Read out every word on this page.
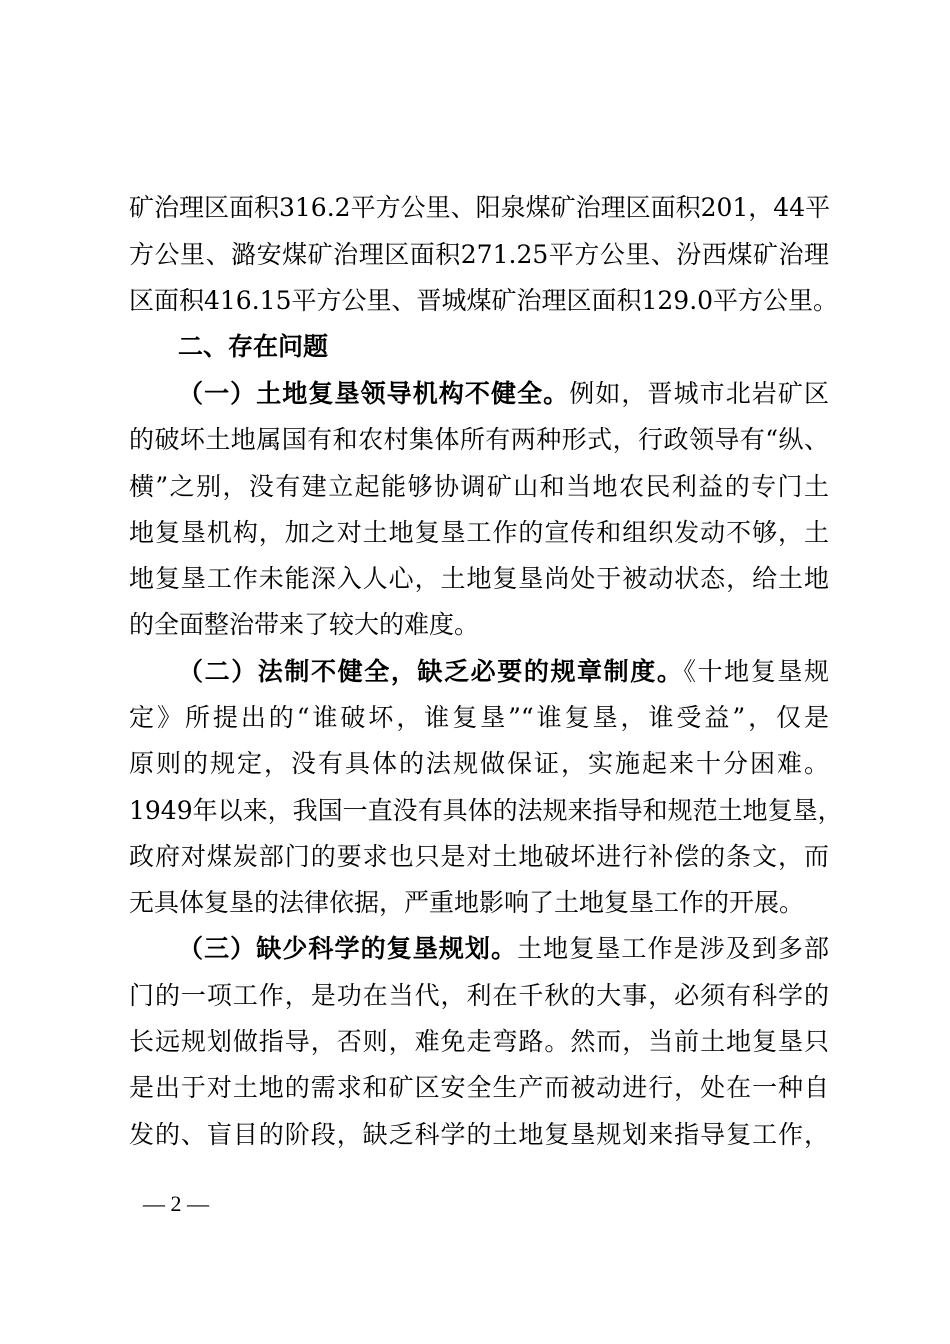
矿治理区面积316.2平方公里、阳泉煤矿治理区面积201，44平
方公里、潞安煤矿治理区面积271.25平方公里、汾西煤矿治理
区面积416.15平方公里、晋城煤矿治理区面积129.0平方公里。
二、存在问题
（一）土地复垦领导机构不健全。例如，晋城市北岩矿区
的破坏土地属国有和农村集体所有两种形式，行政领导有“纵、
横”之别，没有建立起能够协调矿山和当地农民利益的专门土
地复垦机构，加之对土地复垦工作的宣传和组织发动不够，土
地复垦工作未能深入人心，土地复垦尚处于被动状态，给土地
的全面整治带来了较大的难度。
（二）法制不健全，缺乏必要的规章制度。《十地复垦规
定》所提出的“谁破坏，谁复垦”“谁复垦，谁受益”，仅是
原则的规定，没有具体的法规做保证，实施起来十分困难。
1949年以来，我国一直没有具体的法规来指导和规范土地复垦，
政府对煤炭部门的要求也只是对土地破坏进行补偿的条文，而
无具体复垦的法律依据，严重地影响了土地复垦工作的开展。
（三）缺少科学的复垦规划。土地复垦工作是涉及到多部
门的一项工作，是功在当代，利在千秋的大事，必须有科学的
长远规划做指导，否则，难免走弯路。然而，当前土地复垦只
是出于对土地的需求和矿区安全生产而被动进行，处在一种自
发的、盲目的阶段，缺乏科学的土地复垦规划来指导复工作，
— 2 —
